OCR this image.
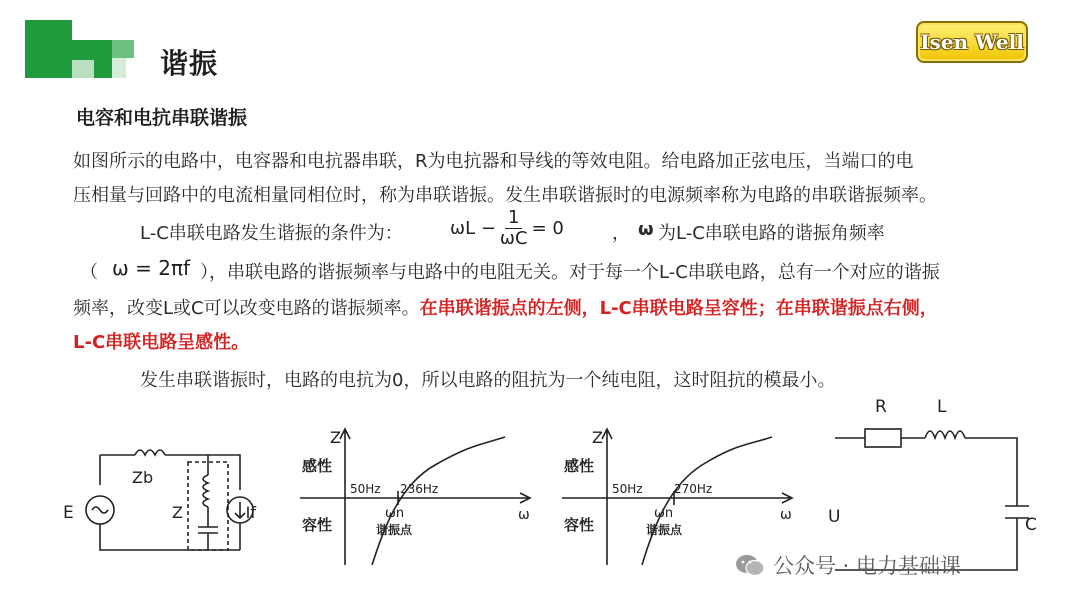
谐振
Isen Well
电容和电抗串联谐振
如图所示的电路中，电容器和电抗器串联，R为电抗器和导线的等效电阻。给电路加正弦电压，当端口的电
压相量与回路中的电流相量同相位时，称为串联谐振。发生串联谐振时的电源频率称为电路的串联谐振频率。
L-C串联电路发生谐振的条件为：	$\omega L - \frac{1}{\omega C} = 0$	， ω 为L-C串联电路的谐振角频率
（ ω = 2πf ），串联电路的谐振频率与电路中的电阻无关。对于每一个L-C串联电路，总有一个对应的谐振
频率，改变L或C可以改变电路的谐振频率。在串联谐振点的左侧，L-C串联电路呈容性；在串联谐振点右侧，
L-C串联电路呈感性。
发生串联谐振时，电路的电抗为0，所以电路的阻抗为一个纯电阻，这时阻抗的模最小。
E
Zb
Z	If
Z
感性
容性
50Hz 236Hz
ωn	ω
谐振点
Z
感性
容性
50Hz	270Hz
ωn	ω
谐振点
R	L
U	C
公众号 · 电力基础课
